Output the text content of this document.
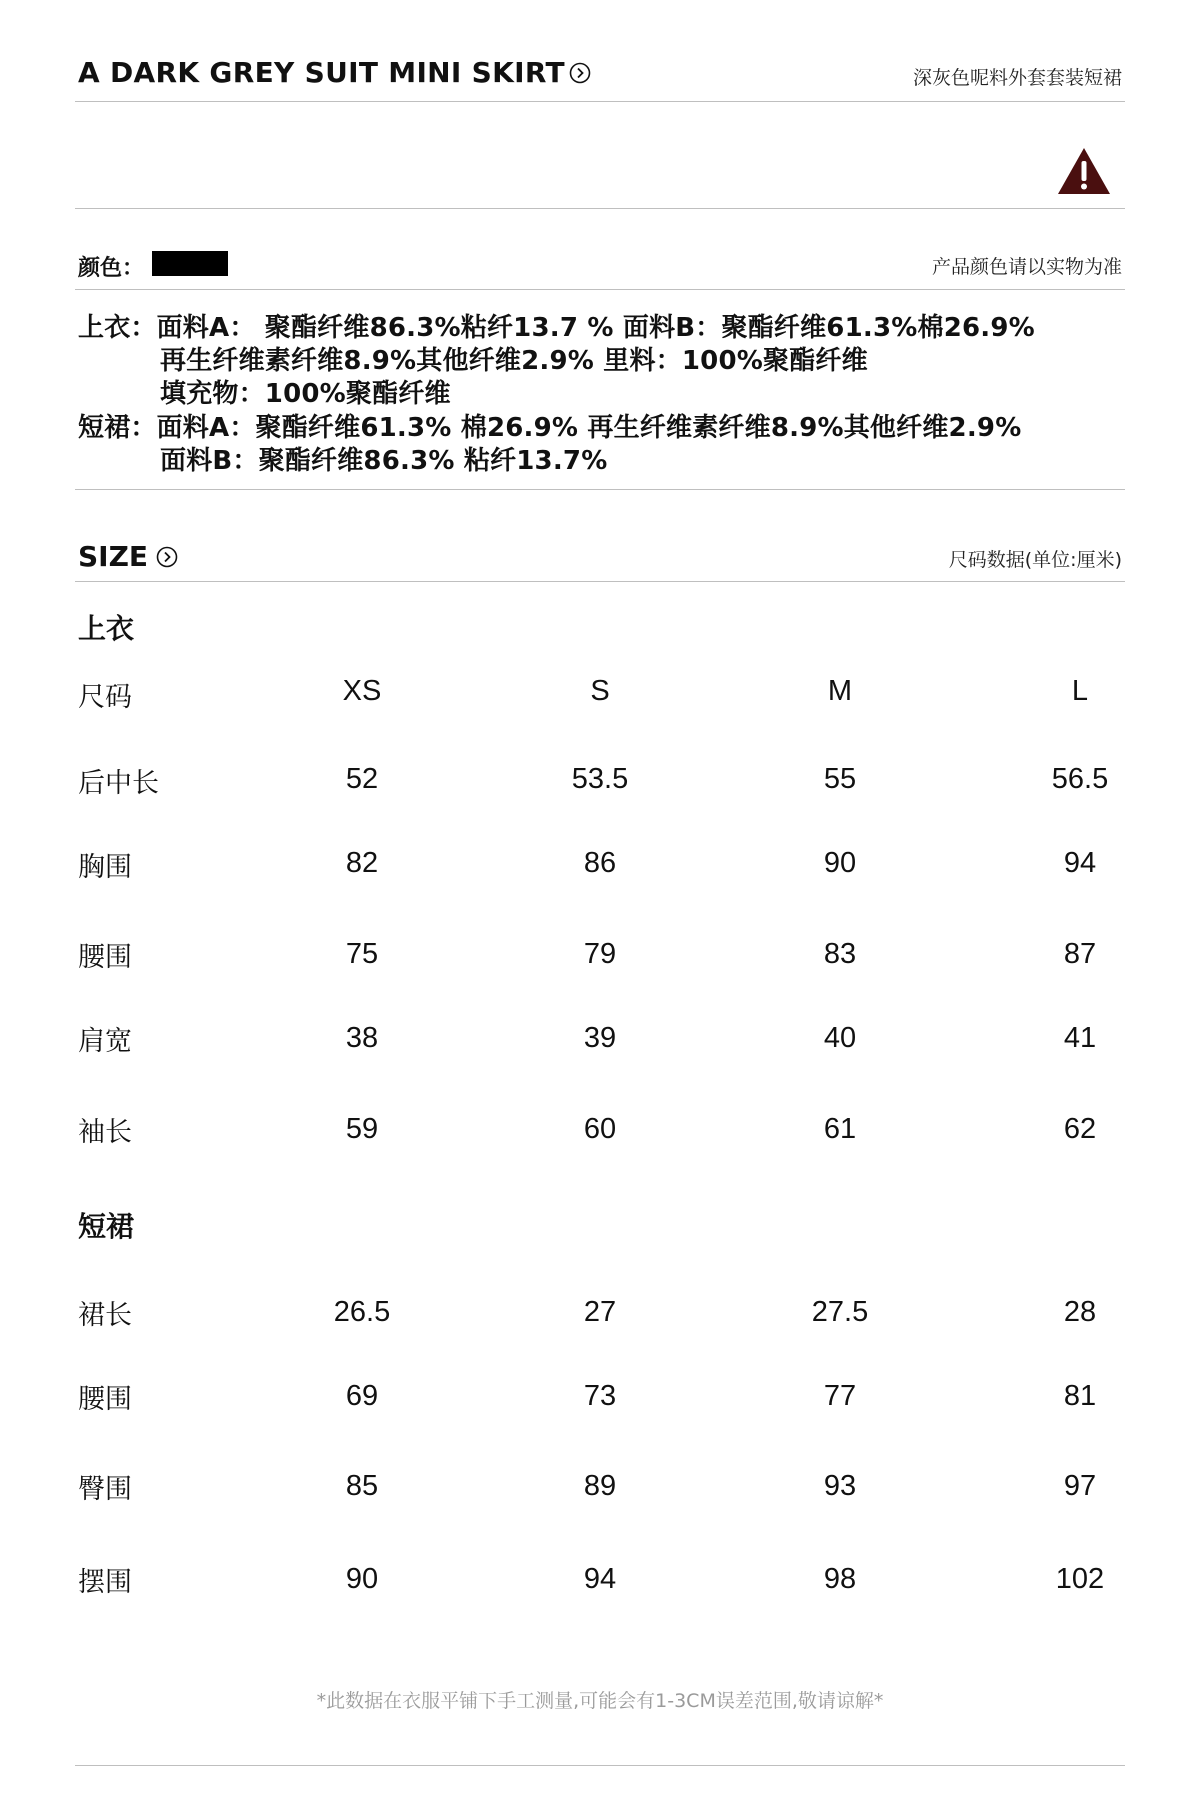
A DARK GREY SUIT MINI SKIRT	深灰色呢料外套套装短裙
颜色：	产品颜色请以实物为准
上衣：面料A： 聚酯纤维86.3%粘纤13.7 % 面料B：聚酯纤维61.3%棉26.9%
再生纤维素纤维8.9%其他纤维2.9% 里料：100%聚酯纤维
填充物：100%聚酯纤维
短裙：面料A：聚酯纤维61.3% 棉26.9% 再生纤维素纤维8.9%其他纤维2.9%
面料B：聚酯纤维86.3% 粘纤13.7%
SIZE	尺码数据(单位:厘米)
上衣
尺码	XS	S	M	L
后中长	52	53.5	55	56.5
胸围	82	86	90	94
腰围	75	79	83	87
肩宽	38	39	40	41
袖长	59	60	61	62
短裙
裙长	26.5	27	27.5	28
腰围	69	73	77	81
臀围	85	89	93	97
摆围	90	94	98	102
*此数据在衣服平铺下手工测量,可能会有1-3CM误差范围,敬请谅解*
